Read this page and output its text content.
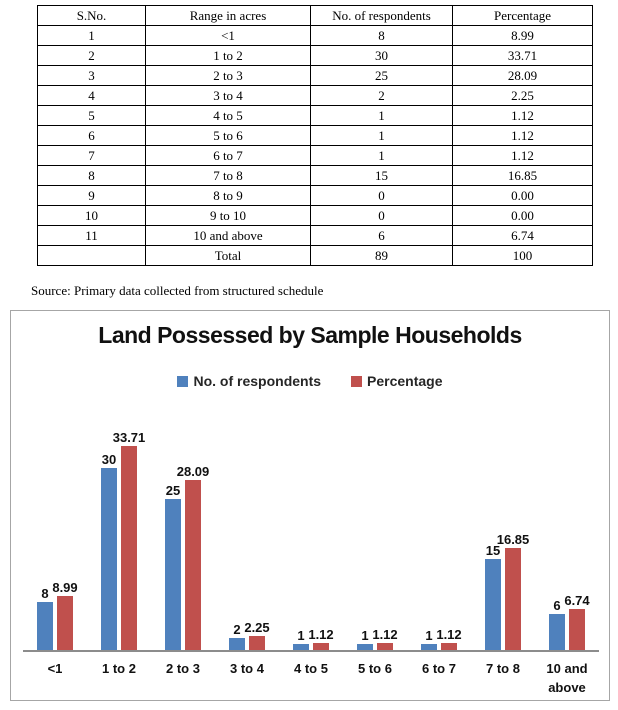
S.No.	Range in acres	No. of respondents	Percentage
1	<1	8	8.99
2	1 to 2	30	33.71
3	2 to 3	25	28.09
4	3 to 4	2	2.25
5	4 to 5	1	1.12
6	5 to 6	1	1.12
7	6 to 7	1	1.12
8	7 to 8	15	16.85
9	8 to 9	0	0.00
10	9 to 10	0	0.00
11	10 and above	6	6.74
	Total	89	100
Source: Primary data collected from structured schedule
Land Possessed by Sample Households
No. of respondents	Percentage
8 8.99
30
33.71
25
28.09
2 2.25
1 1.12 1 1.12 1 1.12
15
16.85
6 6.74
<1	1 to 2	2 to 3	3 to 4	4 to 5	5 to 6	6 to 7	7 to 8	10 and above
